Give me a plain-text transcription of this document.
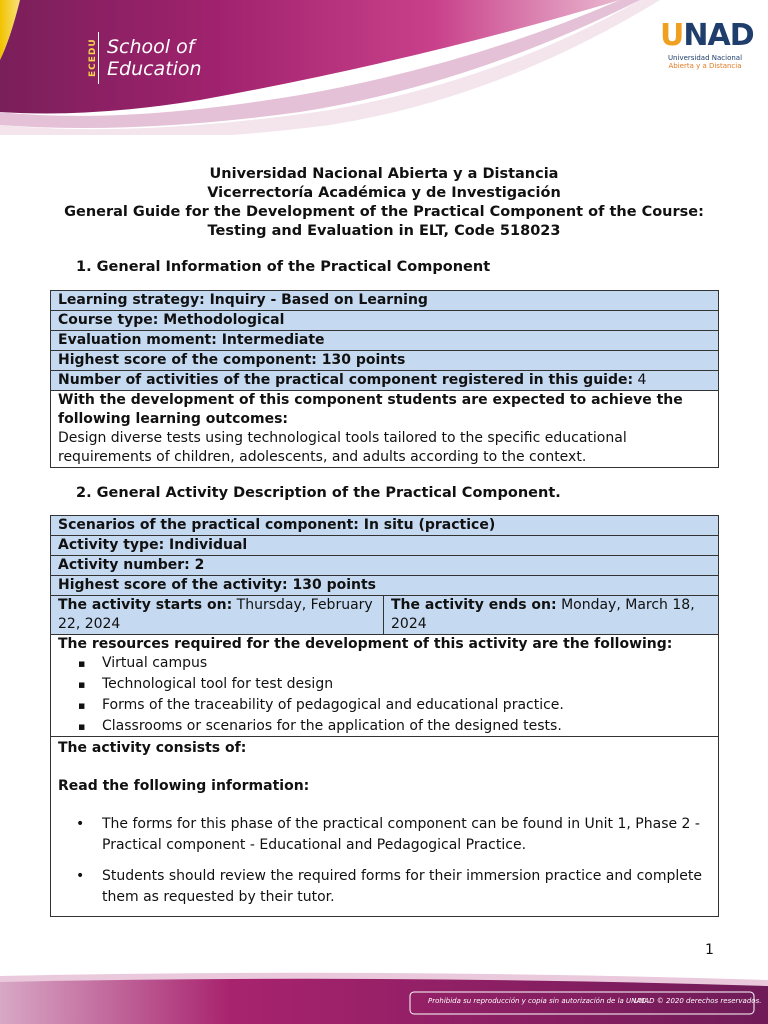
ECEDU School of
Education
UNAD
Universidad Nacional
Abierta y a Distancia
Universidad Nacional Abierta y a Distancia
Vicerrectoría Académica y de Investigación
General Guide for the Development of the Practical Component of the Course:
Testing and Evaluation in ELT, Code 518023
1. General Information of the Practical Component
Learning strategy: Inquiry - Based on Learning
Course type: Methodological
Evaluation moment: Intermediate
Highest score of the component: 130 points
Number of activities of the practical component registered in this guide: 4

With the development of this component students are expected to achieve the following learning outcomes:
Design diverse tests using technological tools tailored to the specific educational requirements of children, adolescents, and adults according to the context.
2. General Activity Description of the Practical Component.
Scenarios of the practical component: In situ (practice)
Activity type: Individual
Activity number: 2
Highest score of the activity: 130 points
The activity starts on: Thursday, February 22, 2024	The activity ends on: Monday, March 18, 2024

The resources required for the development of this activity are the following:
▪ Virtual campus
▪ Technological tool for test design
▪ Forms of the traceability of pedagogical and educational practice.
▪ Classrooms or scenarios for the application of the designed tests.

The activity consists of:
Read the following information:
• The forms for this phase of the practical component can be found in Unit 1, Phase 2 - Practical component - Educational and Pedagogical Practice.
• Students should review the required forms for their immersion practice and complete them as requested by their tutor.
1
Prohibida su reproducción y copia sin autorización de la UNAD.
UNAD © 2020 derechos reservados.
